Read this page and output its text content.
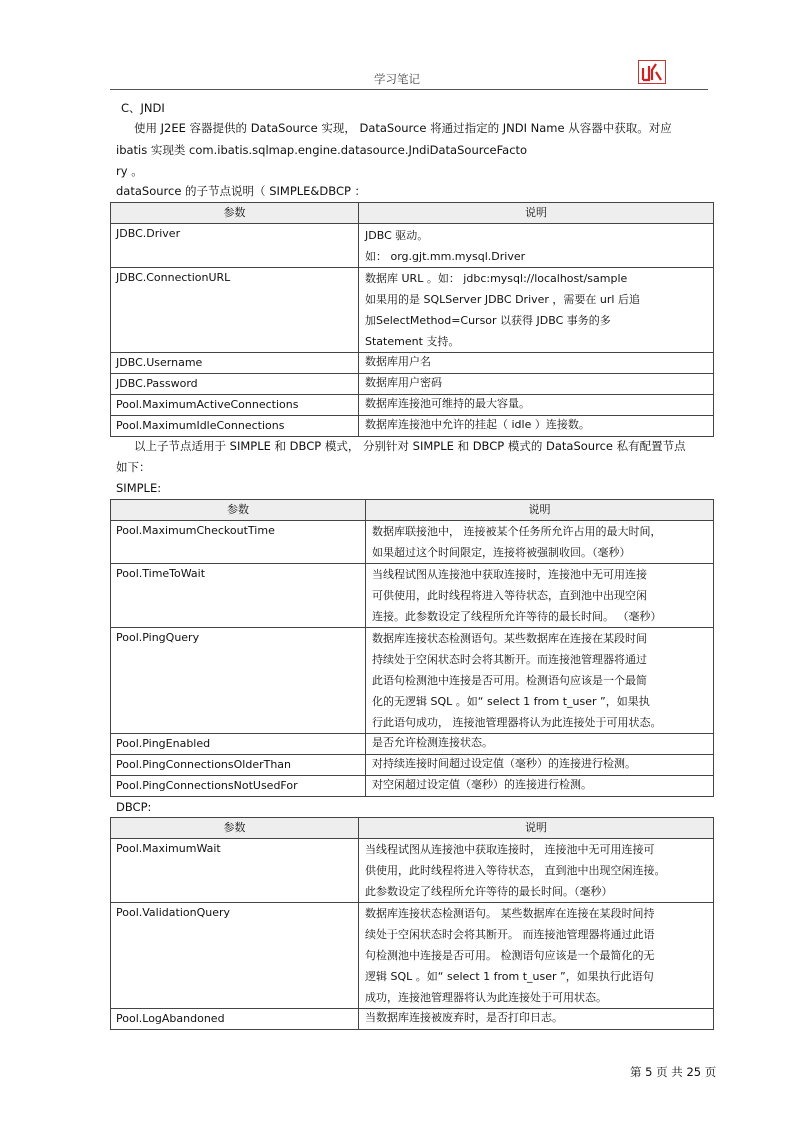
学习笔记
C、JNDI
使用 J2EE 容器提供的 DataSource 实现， DataSource 将通过指定的 JNDI Name 从容器中获取。对应
ibatis 实现类 com.ibatis.sqlmap.engine.datasource.JndiDataSourceFacto
ry 。
dataSource 的子节点说明（ SIMPLE&DBCP ：
参数	说明
JDBC.Driver	JDBC 驱动。
如： org.gjt.mm.mysql.Driver

JDBC.ConnectionURL	数据库 URL 。如： jdbc:mysql://localhost/sample
如果用的是 SQLServer JDBC Driver ，需要在 url 后追
加SelectMethod=Cursor 以获得 JDBC 事务的多
Statement 支持。

JDBC.Username	数据库用户名

JDBC.Password	数据库用户密码

Pool.MaximumActiveConnections	数据库连接池可维持的最大容量。

Pool.MaximumIdleConnections	数据库连接池中允许的挂起（ idle ）连接数。
以上子节点适用于 SIMPLE 和 DBCP 模式， 分别针对 SIMPLE 和 DBCP 模式的 DataSource 私有配置节点
如下：
SIMPLE:
参数	说明
Pool.MaximumCheckoutTime	数据库联接池中， 连接被某个任务所允许占用的最大时间，
如果超过这个时间限定，连接将被强制收回。（毫秒）

Pool.TimeToWait	当线程试图从连接池中获取连接时，连接池中无可用连接
可供使用，此时线程将进入等待状态，直到池中出现空闲
连接。此参数设定了线程所允许等待的最长时间。 （毫秒）

Pool.PingQuery	数据库连接状态检测语句。某些数据库在连接在某段时间
持续处于空闲状态时会将其断开。而连接池管理器将通过
此语句检测池中连接是否可用。检测语句应该是一个最简
化的无逻辑 SQL 。如“ select 1 from t_user ”，如果执
行此语句成功， 连接池管理器将认为此连接处于可用状态。

Pool.PingEnabled	是否允许检测连接状态。

Pool.PingConnectionsOlderThan	对持续连接时间超过设定值（毫秒）的连接进行检测。

Pool.PingConnectionsNotUsedFor	对空闲超过设定值（毫秒）的连接进行检测。
DBCP:
参数	说明
Pool.MaximumWait	当线程试图从连接池中获取连接时， 连接池中无可用连接可
供使用，此时线程将进入等待状态， 直到池中出现空闲连接。
此参数设定了线程所允许等待的最长时间。（毫秒）

Pool.ValidationQuery	数据库连接状态检测语句。 某些数据库在连接在某段时间持
续处于空闲状态时会将其断开。 而连接池管理器将通过此语
句检测池中连接是否可用。 检测语句应该是一个最简化的无
逻辑 SQL 。如“ select 1 from t_user ”，如果执行此语句
成功，连接池管理器将认为此连接处于可用状态。

Pool.LogAbandoned	当数据库连接被废弃时，是否打印日志。
第 5 页 共 25 页
